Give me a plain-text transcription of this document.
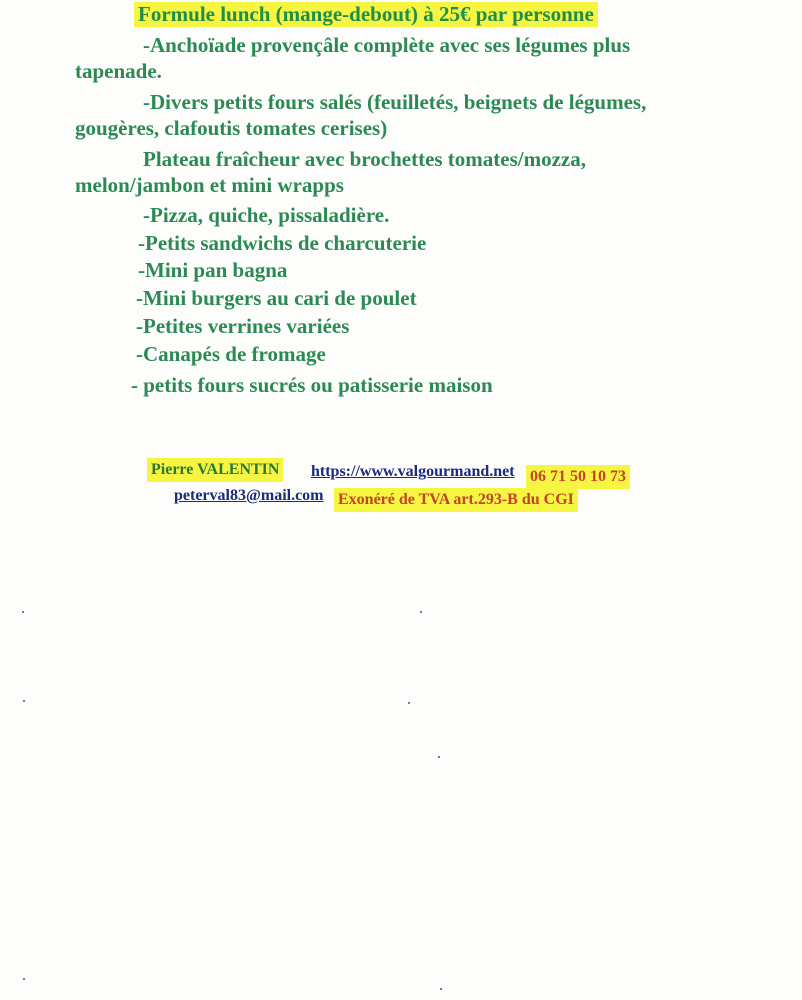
Formule lunch (mange-debout) à 25€ par personne
-Anchoïade provençâle complète avec ses légumes plus
tapenade.
-Divers petits fours salés (feuilletés, beignets de légumes,
gougères, clafoutis tomates cerises)
Plateau fraîcheur avec brochettes tomates/mozza,
melon/jambon et mini wrapps
-Pizza, quiche, pissaladière.
-Petits sandwichs de charcuterie
-Mini pan bagna
-Mini burgers au cari de poulet
-Petites verrines variées
-Canapés de fromage
- petits fours sucrés ou patisserie maison
Pierre VALENTIN https://www.valgourmand.net 06 71 50 10 73
peterval83@mail.com Exonéré de TVA art.293-B du CGI
